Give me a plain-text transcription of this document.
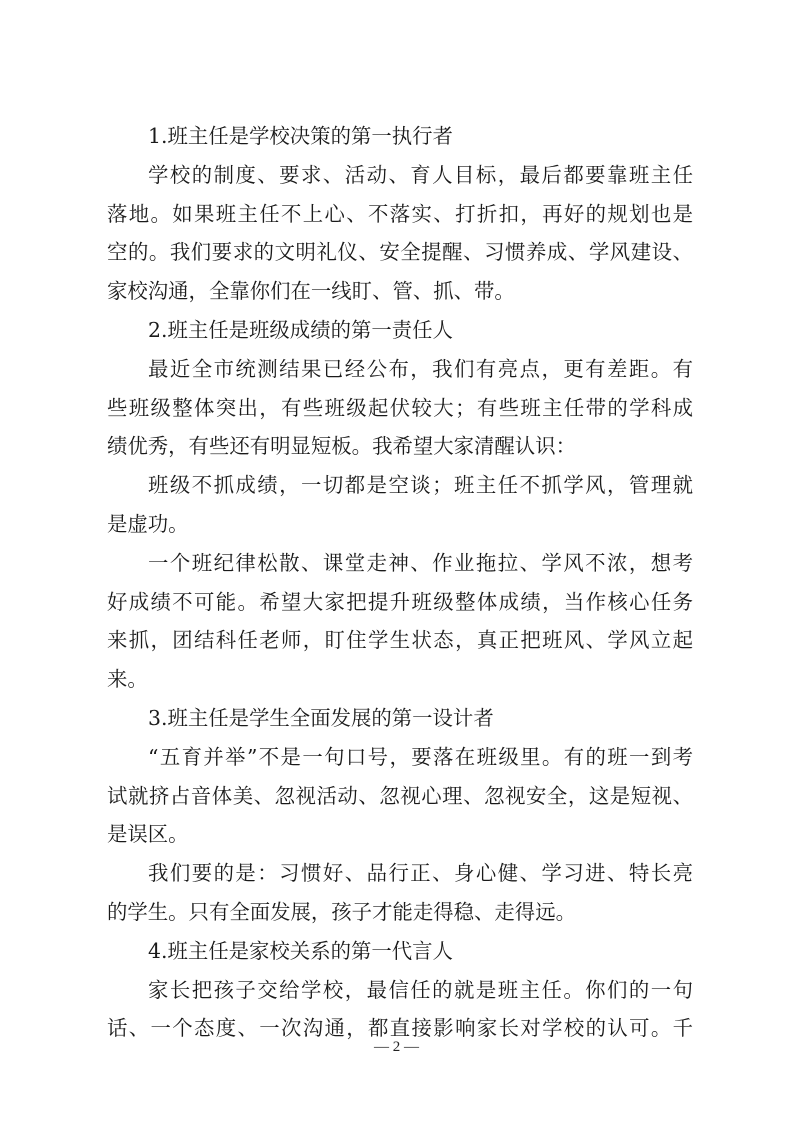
1.班主任是学校决策的第一执行者
学校的制度、要求、活动、育人目标，最后都要靠班主任
落地。如果班主任不上心、不落实、打折扣，再好的规划也是
空的。我们要求的文明礼仪、安全提醒、习惯养成、学风建设、
家校沟通，全靠你们在一线盯、管、抓、带。
2.班主任是班级成绩的第一责任人
最近全市统测结果已经公布，我们有亮点，更有差距。有
些班级整体突出，有些班级起伏较大；有些班主任带的学科成
绩优秀，有些还有明显短板。我希望大家清醒认识：
班级不抓成绩，一切都是空谈；班主任不抓学风，管理就
是虚功。
一个班纪律松散、课堂走神、作业拖拉、学风不浓，想考
好成绩不可能。希望大家把提升班级整体成绩，当作核心任务
来抓，团结科任老师，盯住学生状态，真正把班风、学风立起
来。
3.班主任是学生全面发展的第一设计者
“五育并举”不是一句口号，要落在班级里。有的班一到考
试就挤占音体美、忽视活动、忽视心理、忽视安全，这是短视、
是误区。
我们要的是：习惯好、品行正、身心健、学习进、特长亮
的学生。只有全面发展，孩子才能走得稳、走得远。
4.班主任是家校关系的第一代言人
家长把孩子交给学校，最信任的就是班主任。你们的一句
话、一个态度、一次沟通，都直接影响家长对学校的认可。千
— 2 —
